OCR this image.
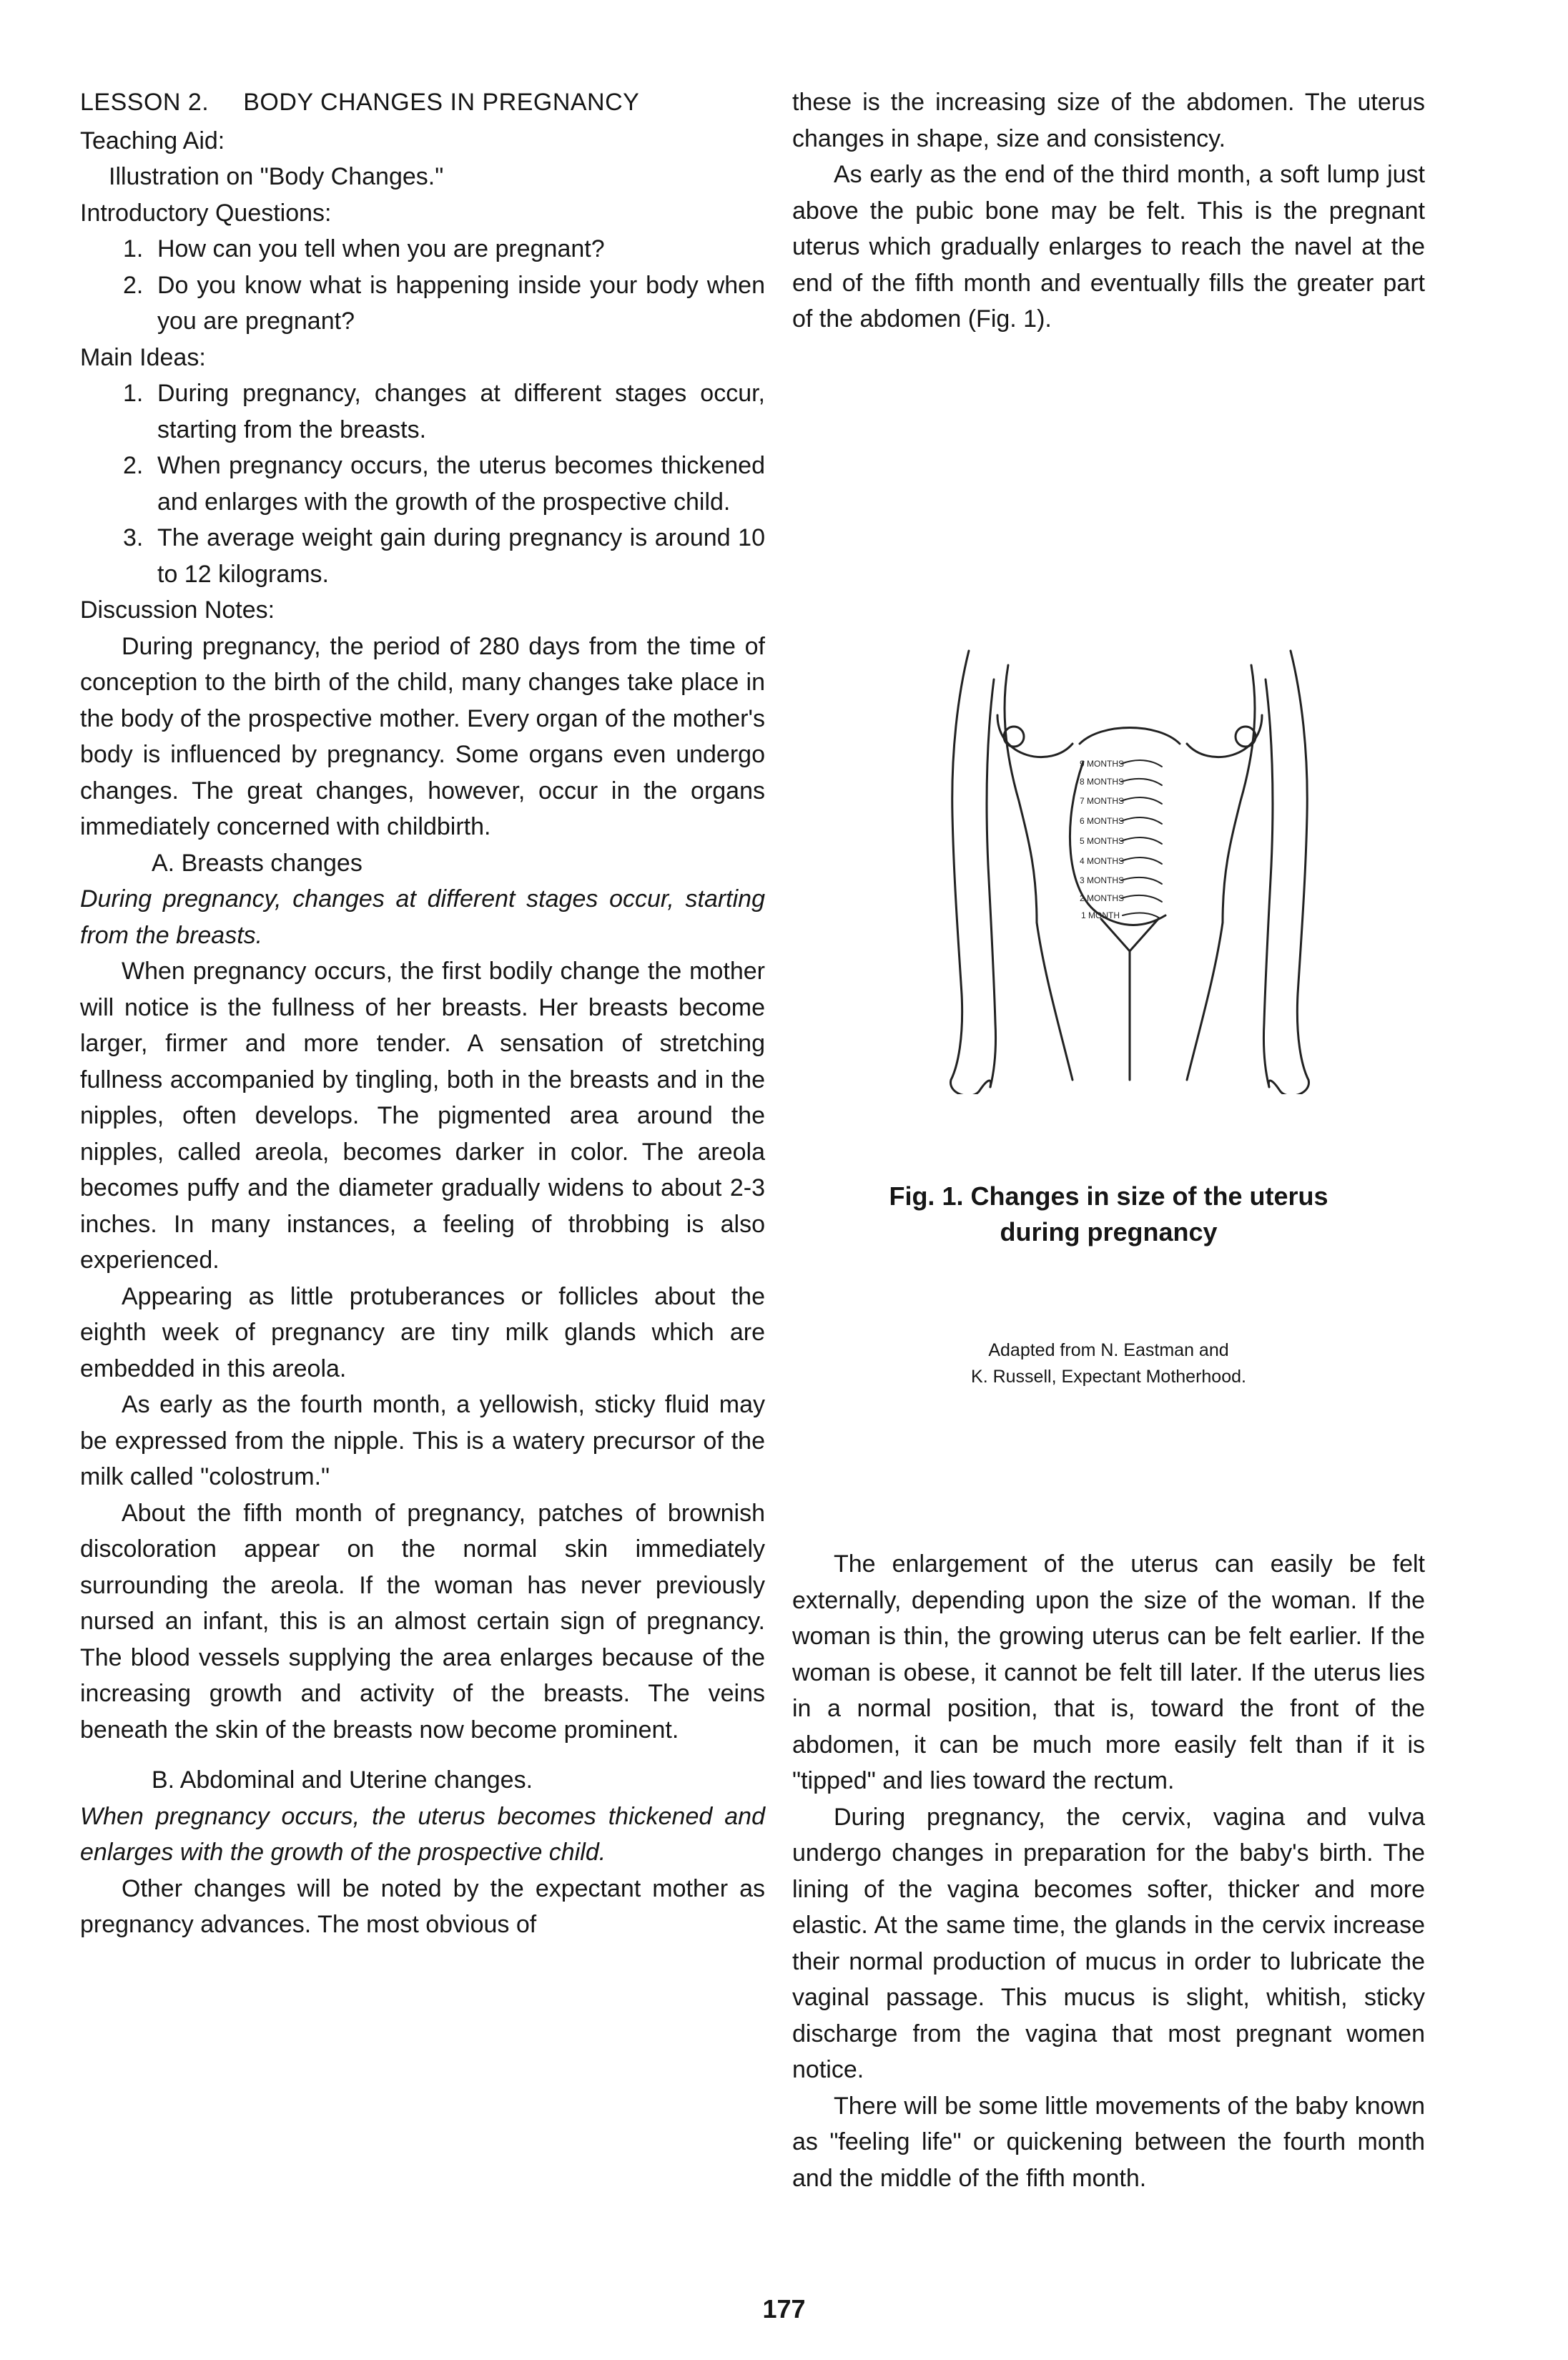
LESSON 2. BODY CHANGES IN PREGNANCY

Teaching Aid:

Illustration on "Body Changes."

Introductory Questions:

1. How can you tell when you are pregnant?
2. Do you know what is happening inside your body when you are pregnant?

Main Ideas:

1. During pregnancy, changes at different stages occur, starting from the breasts.
2. When pregnancy occurs, the uterus becomes thickened and enlarges with the growth of the prospective child.
3. The average weight gain during pregnancy is around 10 to 12 kilograms.

Discussion Notes:

During pregnancy, the period of 280 days from the time of conception to the birth of the child, many changes take place in the body of the prospective mother. Every organ of the mother's body is influenced by pregnancy. Some organs even undergo changes. The great changes, however, occur in the organs immediately concerned with childbirth.

A. Breasts changes

During pregnancy, changes at different stages occur, starting from the breasts.

When pregnancy occurs, the first bodily change the mother will notice is the fullness of her breasts. Her breasts become larger, firmer and more tender. A sensation of stretching fullness accompanied by tingling, both in the breasts and in the nipples, often develops. The pigmented area around the nipples, called areola, becomes darker in color. The areola becomes puffy and the diameter gradually widens to about 2-3 inches. In many instances, a feeling of throbbing is also experienced.

Appearing as little protuberances or follicles about the eighth week of pregnancy are tiny milk glands which are embedded in this areola.

As early as the fourth month, a yellowish, sticky fluid may be expressed from the nipple. This is a watery precursor of the milk called "colostrum."

About the fifth month of pregnancy, patches of brownish discoloration appear on the normal skin immediately surrounding the areola. If the woman has never previously nursed an infant, this is an almost certain sign of pregnancy. The blood vessels supplying the area enlarges because of the increasing growth and activity of the breasts. The veins beneath the skin of the breasts now become prominent.

B. Abdominal and Uterine changes.

When pregnancy occurs, the uterus becomes thickened and enlarges with the growth of the prospective child.

Other changes will be noted by the expectant mother as pregnancy advances. The most obvious of

these is the increasing size of the abdomen. The uterus changes in shape, size and consistency.

As early as the end of the third month, a soft lump just above the pubic bone may be felt. This is the pregnant uterus which gradually enlarges to reach the navel at the end of the fifth month and eventually fills the greater part of the abdomen (Fig. 1).

9 MONTHS
8 MONTHS
7 MONTHS
6 MONTHS
5 MONTHS
4 MONTHS
3 MONTHS
2 MONTHS
1 MONTH
Fig. 1. Changes in size of the uterus
during pregnancy
Adapted from N. Eastman and
K. Russell, Expectant Motherhood.

The enlargement of the uterus can easily be felt externally, depending upon the size of the woman. If the woman is thin, the growing uterus can be felt earlier. If the woman is obese, it cannot be felt till later. If the uterus lies in a normal position, that is, toward the front of the abdomen, it can be much more easily felt than if it is "tipped" and lies toward the rectum.

During pregnancy, the cervix, vagina and vulva undergo changes in preparation for the baby's birth. The lining of the vagina becomes softer, thicker and more elastic. At the same time, the glands in the cervix increase their normal production of mucus in order to lubricate the vaginal passage. This mucus is slight, whitish, sticky discharge from the vagina that most pregnant women notice.

There will be some little movements of the baby known as "feeling life" or quickening between the fourth month and the middle of the fifth month.

177
